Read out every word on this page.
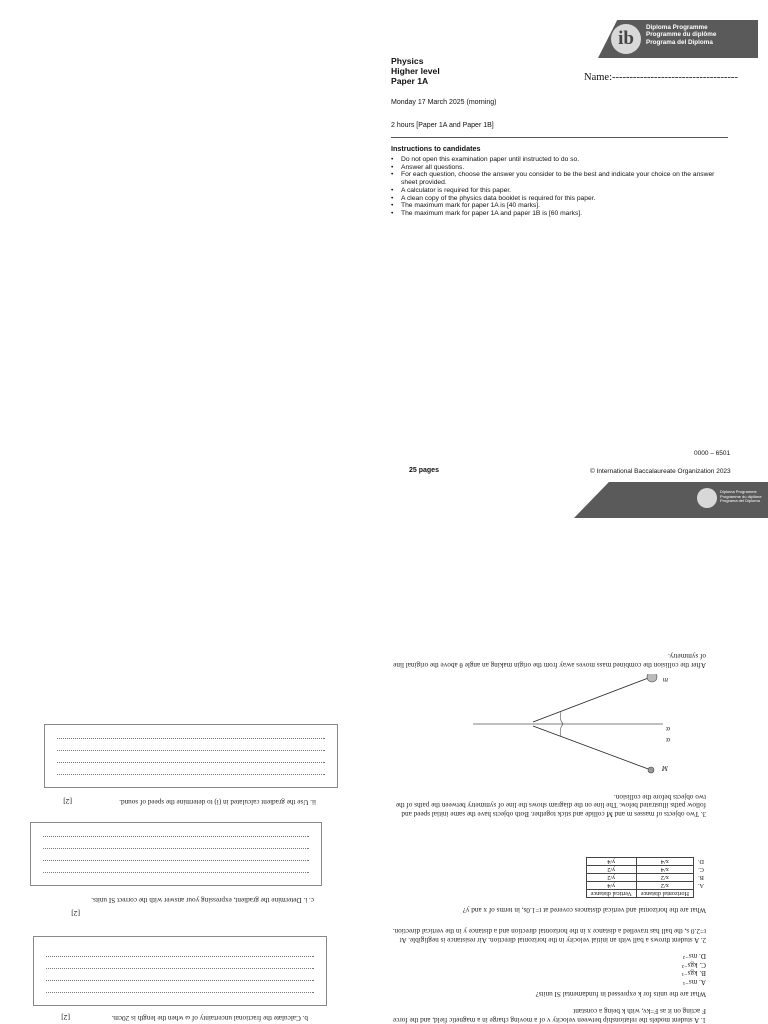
ib
Diploma Programme
Programme du diplôme
Programa del Diploma
Physics
Higher level
Paper 1A	Name:------------------------------------
Monday 17 March 2025 (morning)
2 hours [Paper 1A and Paper 1B]
Instructions to candidates
• Do not open this examination paper until instructed to do so.
• Answer all questions.
• For each question, choose the answer you consider to be the best and indicate your choice on the answer sheet provided.
• A calculator is required for this paper.
• A clean copy of the physics data booklet is required for this paper.
• The maximum mark for paper 1A is [40 marks].
• The maximum mark for paper 1A and paper 1B is [60 marks].
0000 – 6501
25 pages	© International Baccalaureate Organization 2023
Diploma Programme
Programme du diplôme
Programa del Diploma
1. A student models the relationship between velocity v of a moving charge in a magnetic field, and the force F acting on it as F=kv, with k being a constant
What are the units for k expressed in fundamental SI units?
A. ms⁻¹
B. kgs⁻¹
C. kgs⁻²
D. ms⁻²
2. A student throws a ball with an initial velocity in the horizontal direction. Air resistance is negligible. At t=2.0 s, the ball has travelled a distance x in the horizontal direction and a distance y in the vertical direction.
What are the horizontal and vertical distances covered at t=1.0s, in terms of x and y?
	Horizontal distance	Vertical distance
A.	x/2	y/4
B.	x/2	y/2
C.	x/4	y/2
D.	x/4	y/4
3. Two objects of masses m and M collide and stick together. Both objects have the same initial speed and follow paths illustrated below. The line on the diagram shows the line of symmetry between the paths of the two objects before the collision.
α
α
M
m
After the collision the combined mass moves away from the origin making an angle θ above the original line of symmetry.
b. Calculate the fractional uncertainty of ω when the length is 20cm.
[2]
[2]
c. i. Determine the gradient, expressing your answer with the correct SI units.
[2]	ii. Use the gradient calculated in (i) to determine the speed of sound.
